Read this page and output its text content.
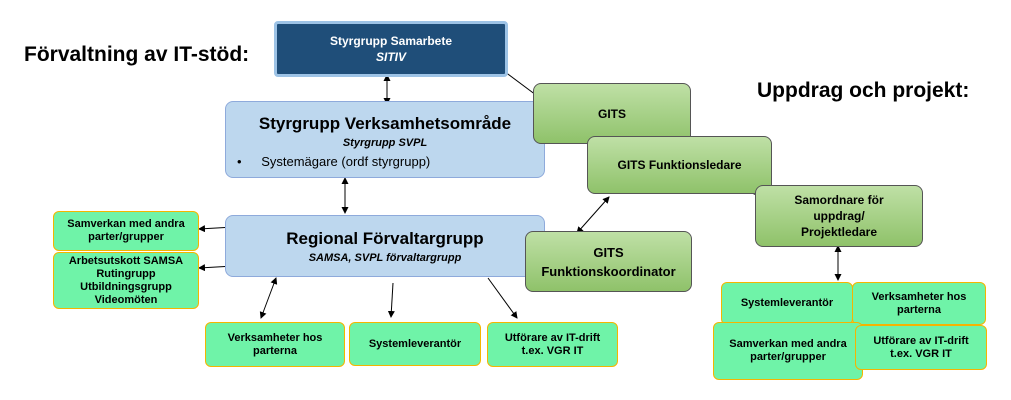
Förvaltning av IT-stöd:
Uppdrag och projekt:
Styrgrupp Samarbete
SITIV
Styrgrupp Verksamhetsområde
Styrgrupp SVPL
• Systemägare (ordf styrgrupp)
Regional Förvaltargrupp
SAMSA, SVPL förvaltargrupp
GITS
GITS Funktionsledare
GITS
Funktionskoordinator
Samordnare för
uppdrag/
Projektledare
Samverkan med andra
parter/grupper
Arbetsutskott SAMSA
Rutingrupp
Utbildningsgrupp
Videomöten
Verksamheter hos
parterna
Systemleverantör	Utförare av IT-drift
t.ex. VGR IT
Systemleverantör
Verksamheter hos
parterna
Samverkan med andra
parter/grupper
Utförare av IT-drift
t.ex. VGR IT
